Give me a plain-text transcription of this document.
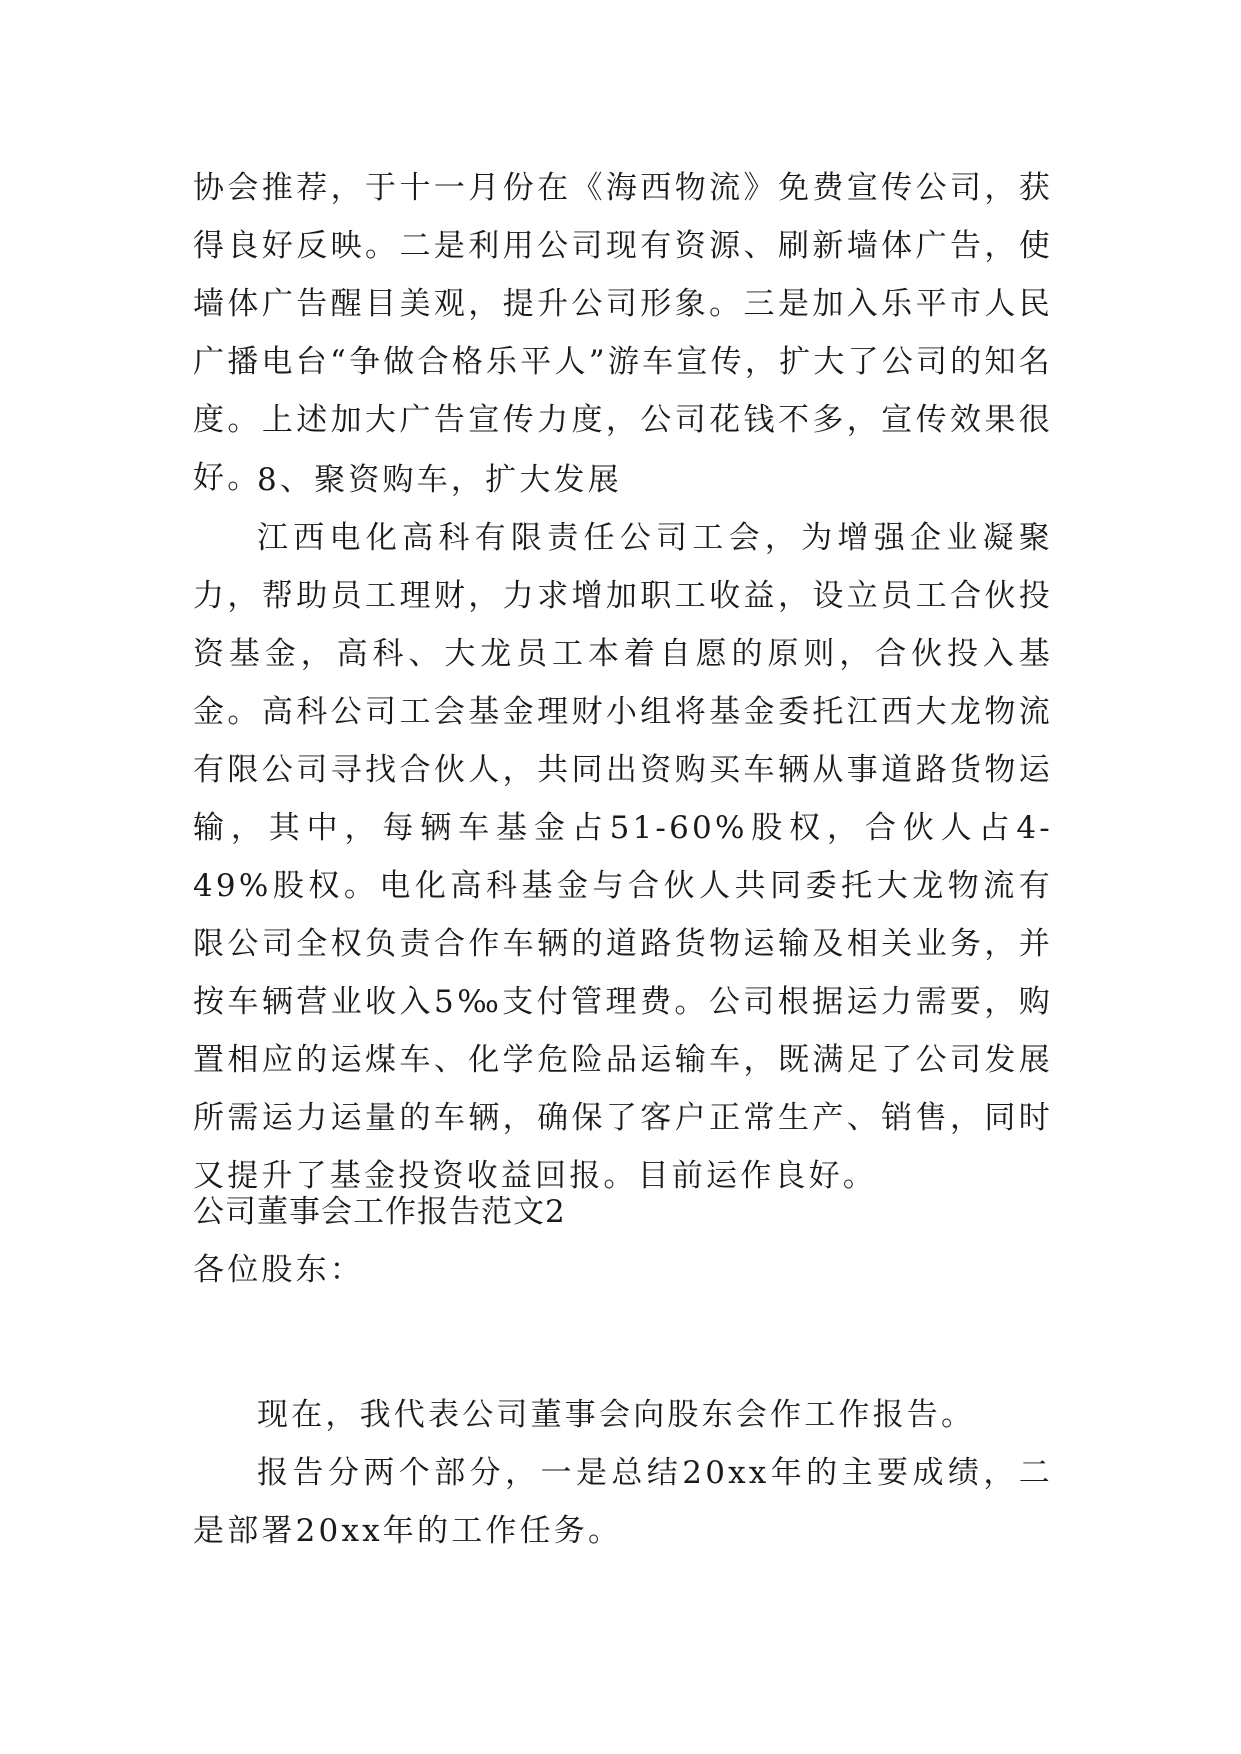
协会推荐，于十一月份在《海西物流》免费宣传公司，获得良好反映。二是利用公司现有资源、刷新墙体广告，使墙体广告醒目美观，提升公司形象。三是加入乐平市人民广播电台“争做合格乐平人”游车宣传，扩大了公司的知名度。上述加大广告宣传力度，公司花钱不多，宣传效果很好。
8、聚资购车，扩大发展
江西电化高科有限责任公司工会，为增强企业凝聚力，帮助员工理财，力求增加职工收益，设立员工合伙投资基金，高科、大龙员工本着自愿的原则，合伙投入基金。高科公司工会基金理财小组将基金委托江西大龙物流有限公司寻找合伙人，共同出资购买车辆从事道路货物运输，其中，每辆车基金占51-60%股权，合伙人占4-49%股权。电化高科基金与合伙人共同委托大龙物流有限公司全权负责合作车辆的道路货物运输及相关业务，并按车辆营业收入5‰支付管理费。公司根据运力需要，购置相应的运煤车、化学危险品运输车，既满足了公司发展所需运力运量的车辆，确保了客户正常生产、销售，同时又提升了基金投资收益回报。目前运作良好。
公司董事会工作报告范文2
各位股东：
现在，我代表公司董事会向股东会作工作报告。
报告分两个部分，一是总结20xx年的主要成绩，二是部署20xx年的工作任务。
